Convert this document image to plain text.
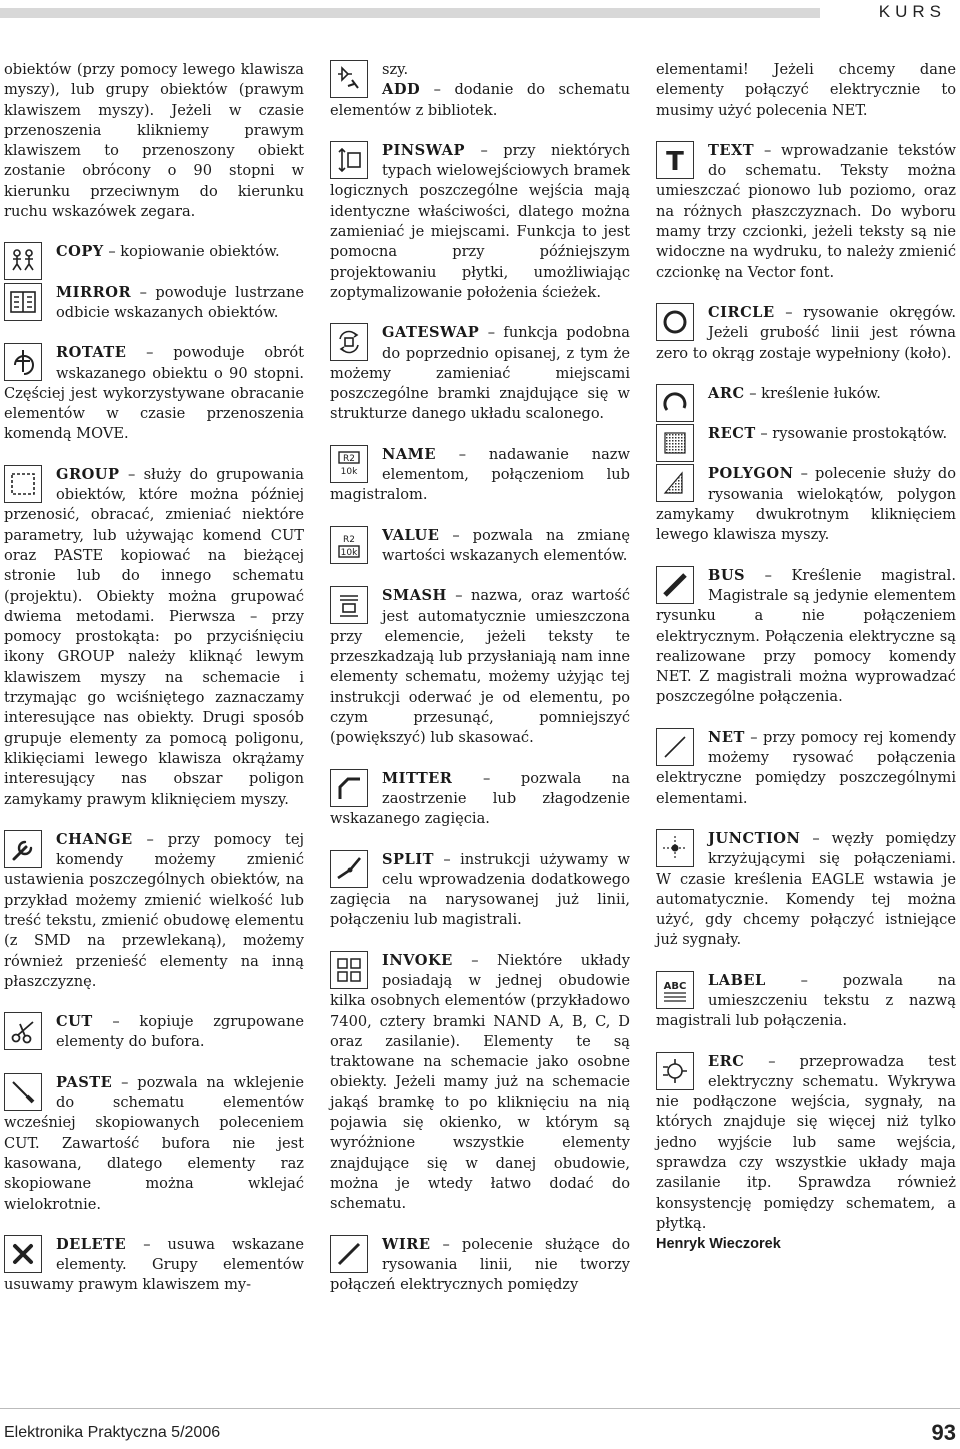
KURS

obiektów (przy pomocy lewego klawisza myszy), lub grupy obiektów (prawym klawiszem myszy). Jeżeli w czasie przenoszenia klikniemy prawym klawiszem to przenoszony obiekt zostanie obrócony o 90 stopni w kierunku przeciwnym do kierunku ruchu wskazówek zegara.

COPY – kopiowanie obiektów.
MIRROR – powoduje lustrzane odbicie wskazanych obiektów.
ROTATE – powoduje obrót wskazanego obiektu o 90 stopni. Częściej jest wykorzystywane obracanie elementów w czasie przenoszenia komendą MOVE.
GROUP – służy do grupowania obiektów, które można później przenosić, obracać, zmieniać niektóre parametry, lub używając komend CUT oraz PASTE kopiować na bieżącej stronie lub do innego schematu (projektu). Obiekty można grupować dwiema metodami. Pierwsza – przy pomocy prostokąta: po przyciśnięciu ikony GROUP należy kliknąć lewym klawiszem myszy na schemacie i trzymając go wciśniętego zaznaczamy interesujące nas obiekty. Drugi sposób grupuje elementy za pomocą poligonu, klikięciami lewego klawisza okrążamy interesujący nas obszar poligon zamykamy prawym kliknięciem myszy.
CHANGE – przy pomocy tej komendy możemy zmienić ustawienia poszczególnych obiektów, na przykład możemy zmienić wielkość lub treść tekstu, zmienić obudowę elementu (z SMD na przewlekaną), możemy również przenieść elementy na inną płaszczyznę.
CUT – kopiuje zgrupowane elementy do bufora.
PASTE – pozwala na wklejenie do schematu elementów wcześniej skopiowanych poleceniem CUT. Zawartość bufora nie jest kasowana, dlatego elementy raz skopiowane można wklejać wielokrotnie.
DELETE – usuwa wskazane elementy. Grupy elementów usuwamy prawym klawiszem my-
szy.
ADD – dodanie do schematu elementów z bibliotek.
PINSWAP – przy niektórych typach wielowejściowych bramek logicznych poszczególne wejścia mają identyczne właściwości, dlatego można zamieniać je miejscami. Funkcja to jest pomocna przy późniejszym projektowaniu płytki, umożliwiając zoptymalizowanie położenia ścieżek.
GATESWAP – funkcja podobna do poprzednio opisanej, z tym że możemy zamieniać miejscami poszczególne bramki znajdujące się w strukturze danego układu scalonego.
R2
10k
NAME – nadawanie nazw elementom, połączeniom lub magistralom.
R2
10k
VALUE – pozwala na zmianę wartości wskazanych elementów.
SMASH – nazwa, oraz wartość jest automatycznie umieszczona przy elemencie, jeżeli teksty te przeszkadzają lub przysłaniają nam inne elementy schematu, możemy użyjąc tej instrukcji oderwać je od elementu, po czym przesunąć, pomniejszyć (powiększyć) lub skasować.
MITTER – pozwala na zaostrzenie lub złagodzenie wskazanego zagięcia.
SPLIT – instrukcji używamy w celu wprowadzenia dodatkowego zagięcia na narysowanej już linii, połączeniu lub magistrali.
INVOKE – Niektóre układy posiadają w jednej obudowie kilka osobnych elementów (przykładowo 7400, cztery bramki NAND A, B, C, D oraz zasilanie). Elementy te są traktowane na schemacie jako osobne obiekty. Jeżeli mamy już na schemacie jakąś bramkę to po kliknięciu na nią pojawia się okienko, w którym są wyróżnione wszystkie elementy znajdujące się w danej obudowie, można je wtedy łatwo dodać do schematu.
WIRE – polecenie służące do rysowania linii, nie tworzy połączeń elektrycznych pomiędzy

elementami! Jeżeli chcemy dane elementy połączyć elektrycznie to musimy użyć polecenia NET.

T TEXT – wprowadzanie tekstów do schematu. Teksty można umieszczać pionowo lub poziomo, oraz na różnych płaszczyznach. Do wyboru mamy trzy czcionki, jeżeli teksty są nie widoczne na wydruku, to należy zmienić czcionkę na Vector font.
CIRCLE – rysowanie okręgów. Jeżeli grubość linii jest równa zero to okrąg zostaje wypełniony (koło).
ARC – kreślenie łuków.
RECT – rysowanie prostokątów.
POLYGON – polecenie służy do rysowania wielokątów, polygon zamykamy dwukrotnym kliknięciem lewego klawisza myszy.
BUS – Kreślenie magistral. Magistrale są jedynie elementem rysunku a nie połączeniem elektrycznym. Połączenia elektryczne są realizowane przy pomocy komendy NET. Z magistrali można wyprowadzać poszczególne połączenia.
NET – przy pomocy rej komendy możemy rysować połączenia elektryczne pomiędzy poszczególnymi elementami.
JUNCTION – węzły pomiędzy krzyżującymi się połączeniami. W czasie kreślenia EAGLE wstawia je automatycznie. Komendy tej można użyć, gdy chcemy połączyć istniejące już sygnały.
ABC LABEL – pozwala na umieszczeniu tekstu z nazwą magistrali lub połączenia.
ERC – przeprowadza test elektryczny schematu. Wykrywa nie podłączone wejścia, sygnały, na których znajduje się więcej niż tylko jedno wyjście lub same wejścia, sprawdza czy wszystkie układy maja zasilanie itp. Sprawdza również konsystencję pomiędzy schematem, a płytką.
Henryk Wieczorek
Elektronika Praktyczna 5/2006	93
